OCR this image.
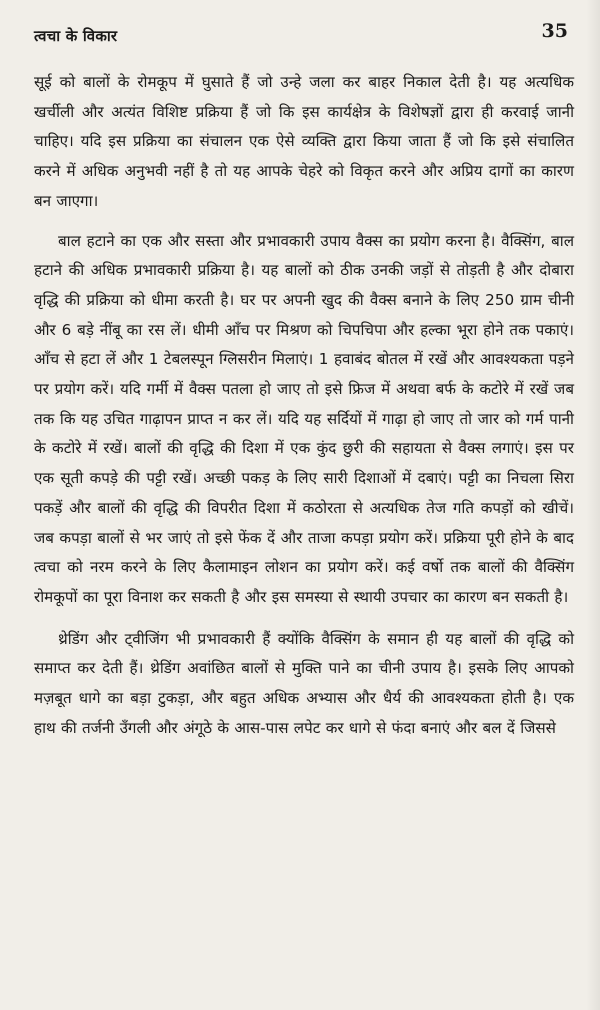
त्वचा के विकार	35

सूई को बालों के रोमकूप में घुसाते हैं जो उन्हे जला कर बाहर निकाल देती है। यह अत्यधिक खर्चीली और अत्यंत विशिष्ट प्रक्रिया हैं जो कि इस कार्यक्षेत्र के विशेषज्ञों द्वारा ही करवाई जानी चाहिए। यदि इस प्रक्रिया का संचालन एक ऐसे व्यक्ति द्वारा किया जाता हैं जो कि इसे संचालित करने में अधिक अनुभवी नहीं है तो यह आपके चेहरे को विकृत करने और अप्रिय दागों का कारण बन जाएगा।

बाल हटाने का एक और सस्ता और प्रभावकारी उपाय वैक्स का प्रयोग करना है। वैक्सिंग, बाल हटाने की अधिक प्रभावकारी प्रक्रिया है। यह बालों को ठीक उनकी जड़ों से तोड़ती है और दोबारा वृद्धि की प्रक्रिया को धीमा करती है। घर पर अपनी खुद की वैक्स बनाने के लिए 250 ग्राम चीनी और 6 बड़े नींबू का रस लें। धीमी आँच पर मिश्रण को चिपचिपा और हल्का भूरा होने तक पकाएं। आँच से हटा लें और 1 टेबलस्पून ग्लिसरीन मिलाएं। 1 हवाबंद बोतल में रखें और आवश्यकता पड़ने पर प्रयोग करें। यदि गर्मी में वैक्स पतला हो जाए तो इसे फ्रिज में अथवा बर्फ के कटोरे में रखें जब तक कि यह उचित गाढ़ापन प्राप्त न कर लें। यदि यह सर्दियों में गाढ़ा हो जाए तो जार को गर्म पानी के कटोरे में रखें। बालों की वृद्धि की दिशा में एक कुंद छुरी की सहायता से वैक्स लगाएं। इस पर एक सूती कपड़े की पट्टी रखें। अच्छी पकड़ के लिए सारी दिशाओं में दबाएं। पट्टी का निचला सिरा पकड़ें और बालों की वृद्धि की विपरीत दिशा में कठोरता से अत्यधिक तेज गति कपड़ों को खीचें। जब कपड़ा बालों से भर जाएं तो इसे फेंक दें और ताजा कपड़ा प्रयोग करें। प्रक्रिया पूरी होने के बाद त्वचा को नरम करने के लिए कैलामाइन लोशन का प्रयोग करें। कई वर्षो तक बालों की वैक्सिंग रोमकूपों का पूरा विनाश कर सकती है और इस समस्या से स्थायी उपचार का कारण बन सकती है।

थ्रेडिंग और ट्वीजिंग भी प्रभावकारी हैं क्योंकि वैक्सिंग के समान ही यह बालों की वृद्धि को समाप्त कर देती हैं। थ्रेडिंग अवांछित बालों से मुक्ति पाने का चीनी उपाय है। इसके लिए आपको मज़बूत धागे का बड़ा टुकड़ा, और बहुत अधिक अभ्यास और धैर्य की आवश्यकता होती है। एक हाथ की तर्जनी उँगली और अंगूठे के आस-पास लपेट कर धागे से फंदा बनाएं और बल दें जिससे
